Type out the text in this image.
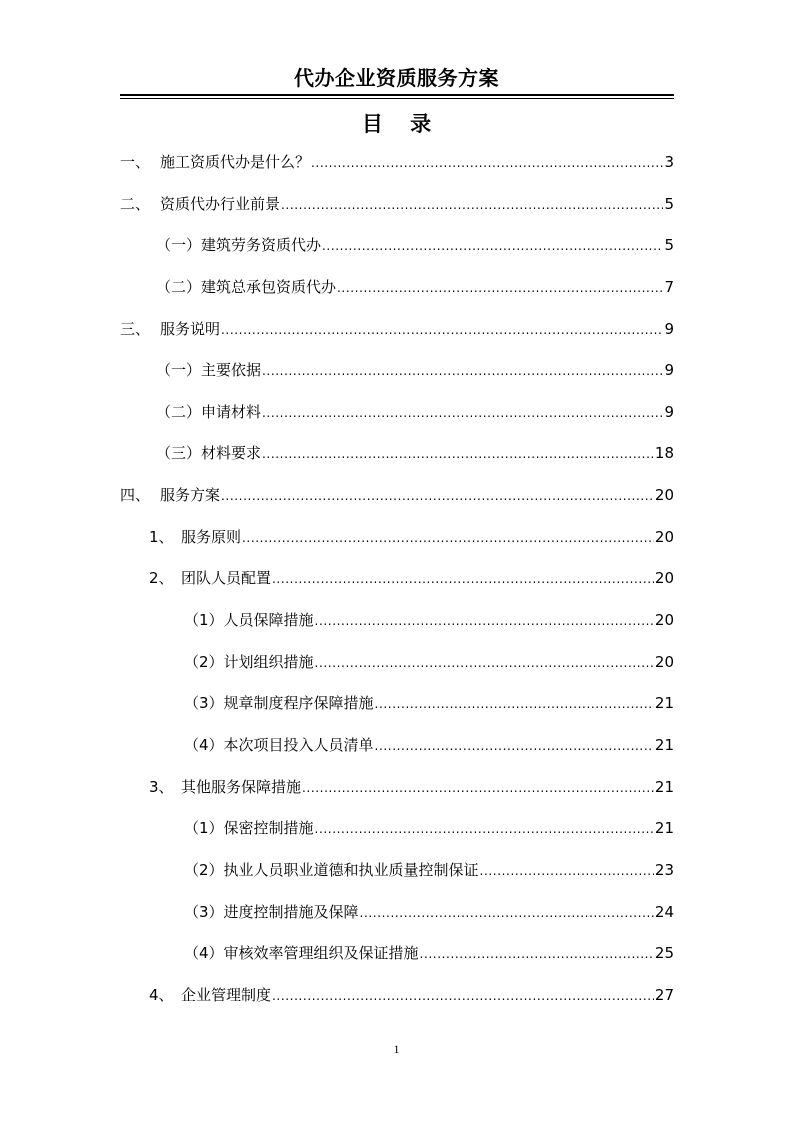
代办企业资质服务方案
目 录
一、 施工资质代办是什么？ .....	3
二、 资质代办行业前景 .....	5
（一）建筑劳务资质代办 .....	5
（二）建筑总承包资质代办 .....	7
三、 服务说明 .....	9
（一）主要依据 .....	9
（二）申请材料 .....	9
（三）材料要求 .....	18
四、 服务方案 .....	20
1、 服务原则 .....	20
2、 团队人员配置 .....	20
（1）人员保障措施 .....	20
（2）计划组织措施 .....	20
（3）规章制度程序保障措施 .....	21
（4）本次项目投入人员清单 .....	21
3、 其他服务保障措施 .....	21
（1）保密控制措施 .....	21
（2）执业人员职业道德和执业质量控制保证 .....	23
（3）进度控制措施及保障 .....	24
（4）审核效率管理组织及保证措施 .....	25
4、 企业管理制度 .....	27
1
